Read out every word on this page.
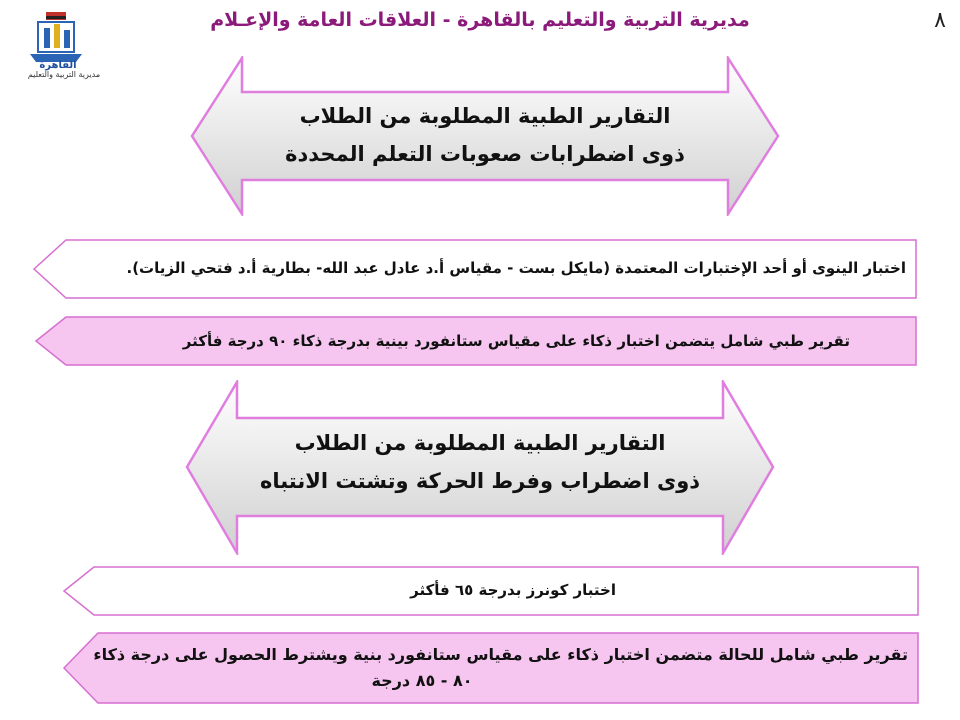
القاهرة
مديرية التربية والتعليم
مديرية التربية والتعليم بالقاهرة - العلاقات العامة والإعـلام	٨
التقارير الطبية المطلوبة من الطلاب
ذوى اضطرابات صعوبات التعلم المحددة
اختبار الينوى أو أحد الإختبارات المعتمدة (مايكل بست - مقياس أ.د عادل عبد الله- بطارية أ.د فتحي الزيات).
تقرير طبي شامل يتضمن اختبار ذكاء على مقياس ستانفورد بينية بدرجة ذكاء ٩٠ درجة فأكثر
التقارير الطبية المطلوبة من الطلاب
ذوى اضطراب وفرط الحركة وتشتت الانتباه
اختبار كونرز بدرجة ٦٥ فأكثر
تقرير طبي شامل للحالة متضمن اختبار ذكاء على مقياس ستانفورد بنية ويشترط الحصول على درجة ذكاء
٨٠ - ٨٥ درجة
